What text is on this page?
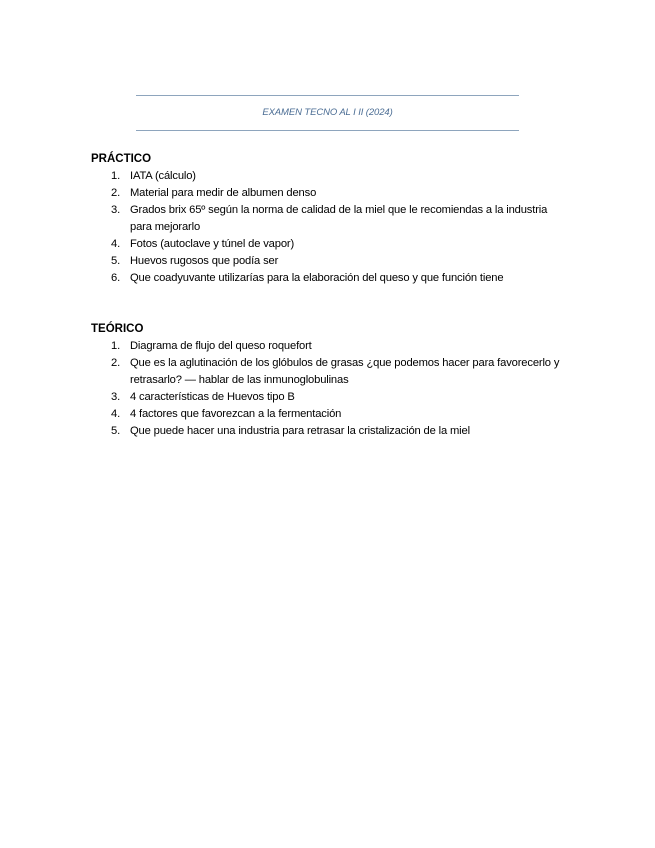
EXAMEN TECNO AL I II (2024)
PRÁCTICO
1. IATA (cálculo)
2. Material para medir de albumen denso
3. Grados brix 65º según la norma de calidad de la miel que le recomiendas a la industria para mejorarlo
4. Fotos (autoclave y túnel de vapor)
5. Huevos rugosos que podía ser
6. Que coadyuvante utilizarías para la elaboración del queso y que función tiene
TEÓRICO
1. Diagrama de flujo del queso roquefort
2. Que es la aglutinación de los glóbulos de grasas ¿que podemos hacer para favorecerlo y retrasarlo? — hablar de las inmunoglobulinas
3. 4 características de Huevos tipo B
4. 4 factores que favorezcan a la fermentación
5. Que puede hacer una industria para retrasar la cristalización de la miel
